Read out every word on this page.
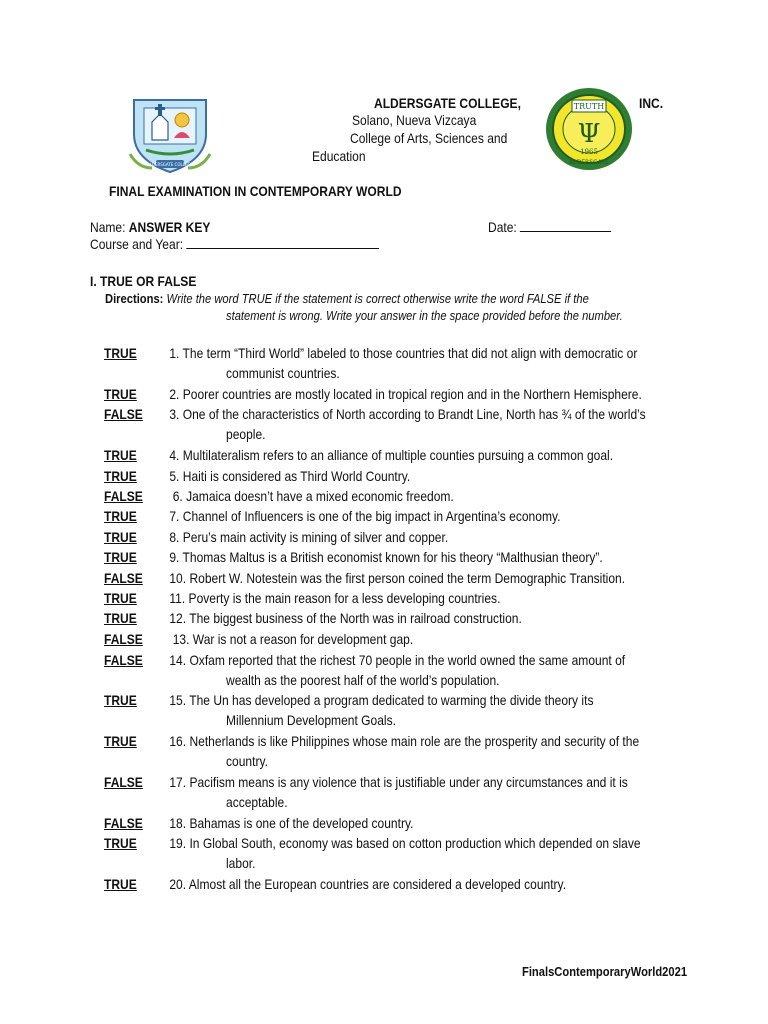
ALDERSGATE COLLEGE
TRUTH
Ψ
1965
ALDERSGATE
ALDERSGATE COLLEGE,	INC.
Solano, Nueva Vizcaya
College of Arts, Sciences and
Education
FINAL EXAMINATION IN CONTEMPORARY WORLD
Name: ANSWER KEY	Date:
Course and Year:
I. TRUE OR FALSE
Directions: Write the word TRUE if the statement is correct otherwise write the word FALSE if the
statement is wrong. Write your answer in the space provided before the number.
TRUE 1. The term “Third World” labeled to those countries that did not align with democratic or
communist countries.
TRUE 2. Poorer countries are mostly located in tropical region and in the Northern Hemisphere.
FALSE 3. One of the characteristics of North according to Brandt Line, North has ¾ of the world’s
people.
TRUE 4. Multilateralism refers to an alliance of multiple counties pursuing a common goal.
TRUE 5. Haiti is considered as Third World Country.
FALSE 6. Jamaica doesn’t have a mixed economic freedom.
TRUE 7. Channel of Influencers is one of the big impact in Argentina’s economy.
TRUE 8. Peru’s main activity is mining of silver and copper.
TRUE 9. Thomas Maltus is a British economist known for his theory “Malthusian theory”.
FALSE 10. Robert W. Notestein was the first person coined the term Demographic Transition.
TRUE 11. Poverty is the main reason for a less developing countries.
TRUE 12. The biggest business of the North was in railroad construction.
FALSE 13. War is not a reason for development gap.
FALSE 14. Oxfam reported that the richest 70 people in the world owned the same amount of
wealth as the poorest half of the world’s population.
TRUE 15. The Un has developed a program dedicated to warming the divide theory its
Millennium Development Goals.
TRUE 16. Netherlands is like Philippines whose main role are the prosperity and security of the
country.
FALSE 17. Pacifism means is any violence that is justifiable under any circumstances and it is
acceptable.
FALSE 18. Bahamas is one of the developed country.
TRUE 19. In Global South, economy was based on cotton production which depended on slave
labor.
TRUE 20. Almost all the European countries are considered a developed country.
FinalsContemporaryWorld2021
